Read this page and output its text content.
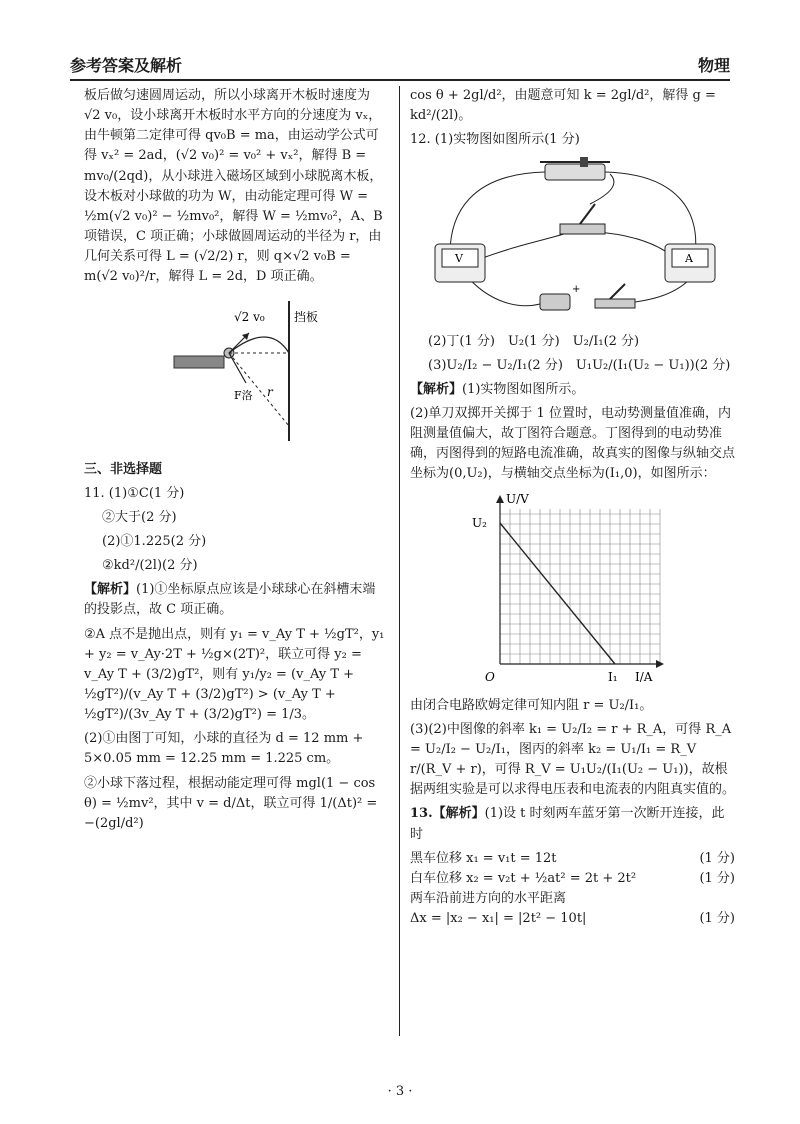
参考答案及解析	物理

板后做匀速圆周运动，所以小球离开木板时速度为 √2 v₀，设小球离开木板时水平方向的分速度为 vₓ，由牛顿第二定律可得 qv₀B = ma，由运动学公式可得 vₓ² = 2ad，(√2 v₀)² = v₀² + vₓ²，解得 B = mv₀/(2qd)，从小球进入磁场区域到小球脱离木板，设木板对小球做的功为 W，由动能定理可得 W = ½m(√2 v₀)² − ½mv₀²，解得 W = ½mv₀²，A、B 项错误，C 项正确；小球做圆周运动的半径为 r，由几何关系可得 L = (√2/2) r，则 q×√2 v₀B = m(√2 v₀)²/r，解得 L = 2d，D 项正确。

挡板
√2 v₀
F洛 r
三、非选择题

11. (1)①C(1 分)

②大于(2 分)

(2)①1.225(2 分)

②kd²/(2l)(2 分)

【解析】(1)①坐标原点应该是小球球心在斜槽末端的投影点，故 C 项正确。

②A 点不是抛出点，则有 y₁ = v_Ay T + ½gT²，y₁ + y₂ = v_Ay·2T + ½g×(2T)²，联立可得 y₂ = v_Ay T + (3/2)gT²，则有 y₁/y₂ = (v_Ay T + ½gT²)/(v_Ay T + (3/2)gT²) > (v_Ay T + ½gT²)/(3v_Ay T + (3/2)gT²) = 1/3。

(2)①由图丁可知，小球的直径为 d = 12 mm + 5×0.05 mm = 12.25 mm = 1.225 cm。

②小球下落过程，根据动能定理可得 mgl(1 − cos θ) = ½mv²，其中 v = d/Δt，联立可得 1/(Δt)² = −(2gl/d²)

cos θ + 2gl/d²，由题意可知 k = 2gl/d²，解得 g = kd²/(2l)。

12. (1)实物图如图所示(1 分)

V	A
+

(2)丁(1 分)　U₂(1 分)　U₂/I₁(2 分)

(3)U₂/I₂ − U₂/I₁(2 分)　U₁U₂/(I₁(U₂ − U₁))(2 分)

【解析】(1)实物图如图所示。

(2)单刀双掷开关掷于 1 位置时，电动势测量值准确，内阻测量值偏大，故丁图符合题意。丁图得到的电动势准确，丙图得到的短路电流准确，故真实的图像与纵轴交点坐标为(0,U₂)，与横轴交点坐标为(I₁,0)，如图所示：

U/V
I/A
O
U₂
I₁

由闭合电路欧姆定律可知内阻 r = U₂/I₁。

(3)(2)中图像的斜率 k₁ = U₂/I₂ = r + R_A，可得 R_A = U₂/I₂ − U₂/I₁，图丙的斜率 k₂ = U₁/I₁ = R_V r/(R_V + r)，可得 R_V = U₁U₂/(I₁(U₂ − U₁))，故根据两组实验是可以求得电压表和电流表的内阻真实值的。

13.【解析】(1)设 t 时刻两车蓝牙第一次断开连接，此时

黑车位移 x₁ = v₁t = 12t	(1 分)
白车位移 x₂ = v₂t + ½at² = 2t + 2t²	(1 分)
两车沿前进方向的水平距离
Δx = |x₂ − x₁| = |2t² − 10t|	(1 分)
· 3 ·
